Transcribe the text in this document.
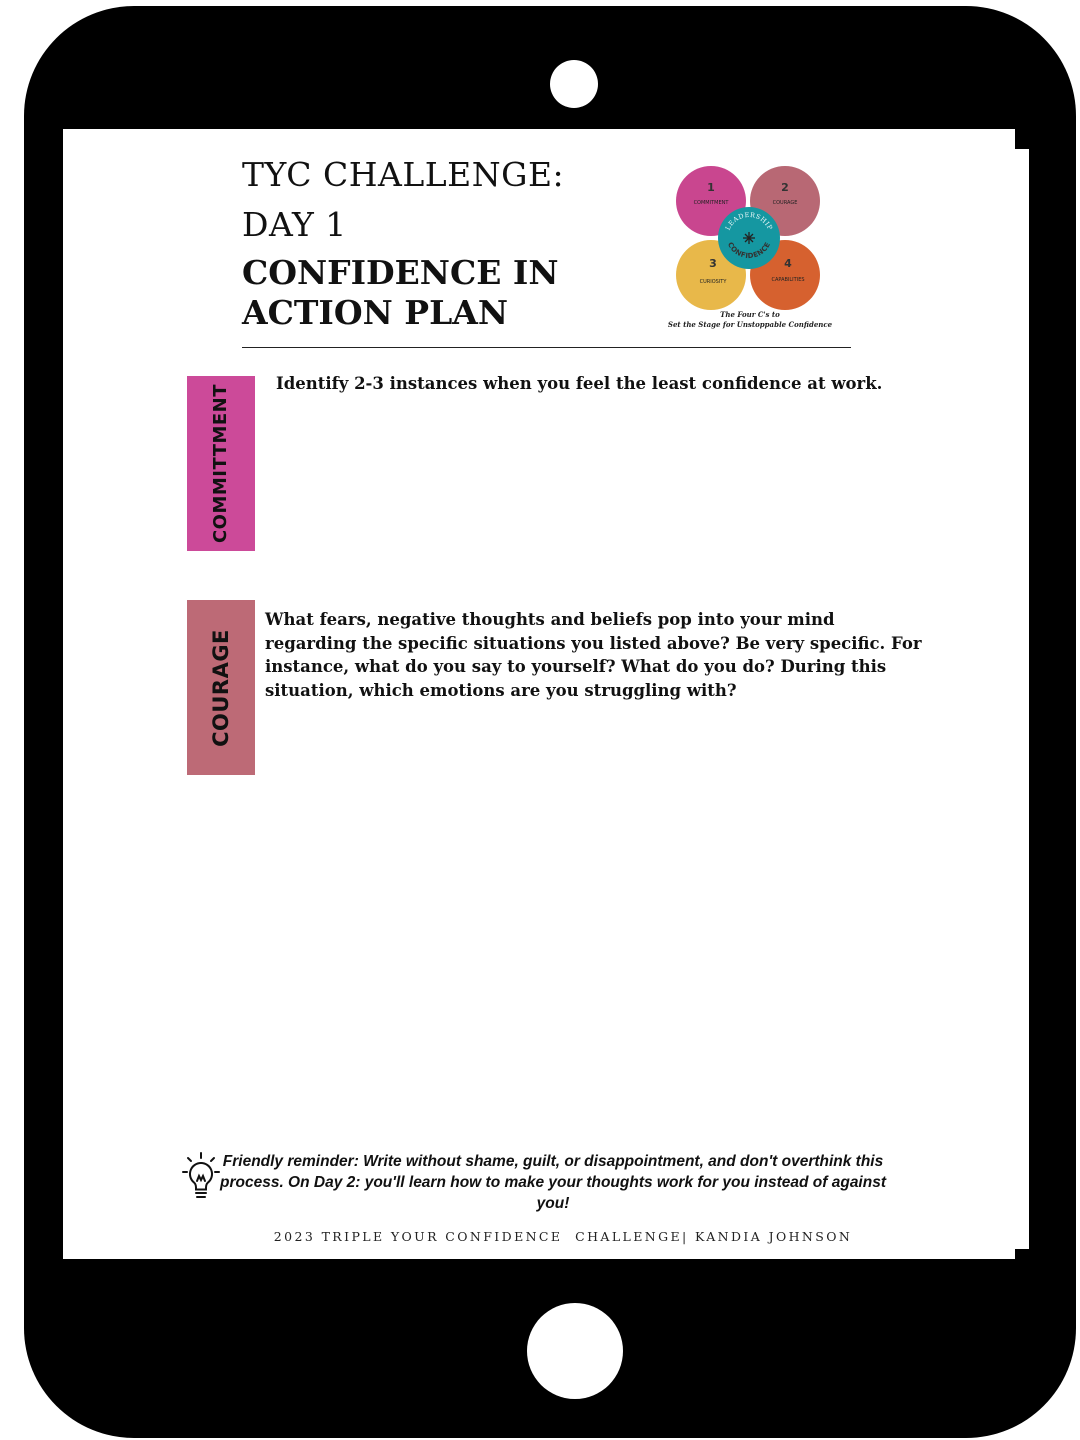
TYC CHALLENGE:
DAY 1
CONFIDENCE IN ACTION PLAN
1
COMMITMENT
2
COURAGE
3
CURIOSITY
4
CAPABILITIES
LEADERSHIP
CONFIDENCE
The Four C's to
Set the Stage for Unstoppable Confidence
COMMITTMENT
Identify 2-3 instances when you feel the least confidence at work.
COURAGE
What fears, negative thoughts and beliefs pop into your mind regarding the specific situations you listed above? Be very specific. For instance, what do you say to yourself? What do you do? During this situation, which emotions are you struggling with?
Friendly reminder: Write without shame, guilt, or disappointment, and don't overthink this process. On Day 2: you'll learn how to make your thoughts work for you instead of against you!
2023 TRIPLE YOUR CONFIDENCE  CHALLENGE| KANDIA JOHNSON
